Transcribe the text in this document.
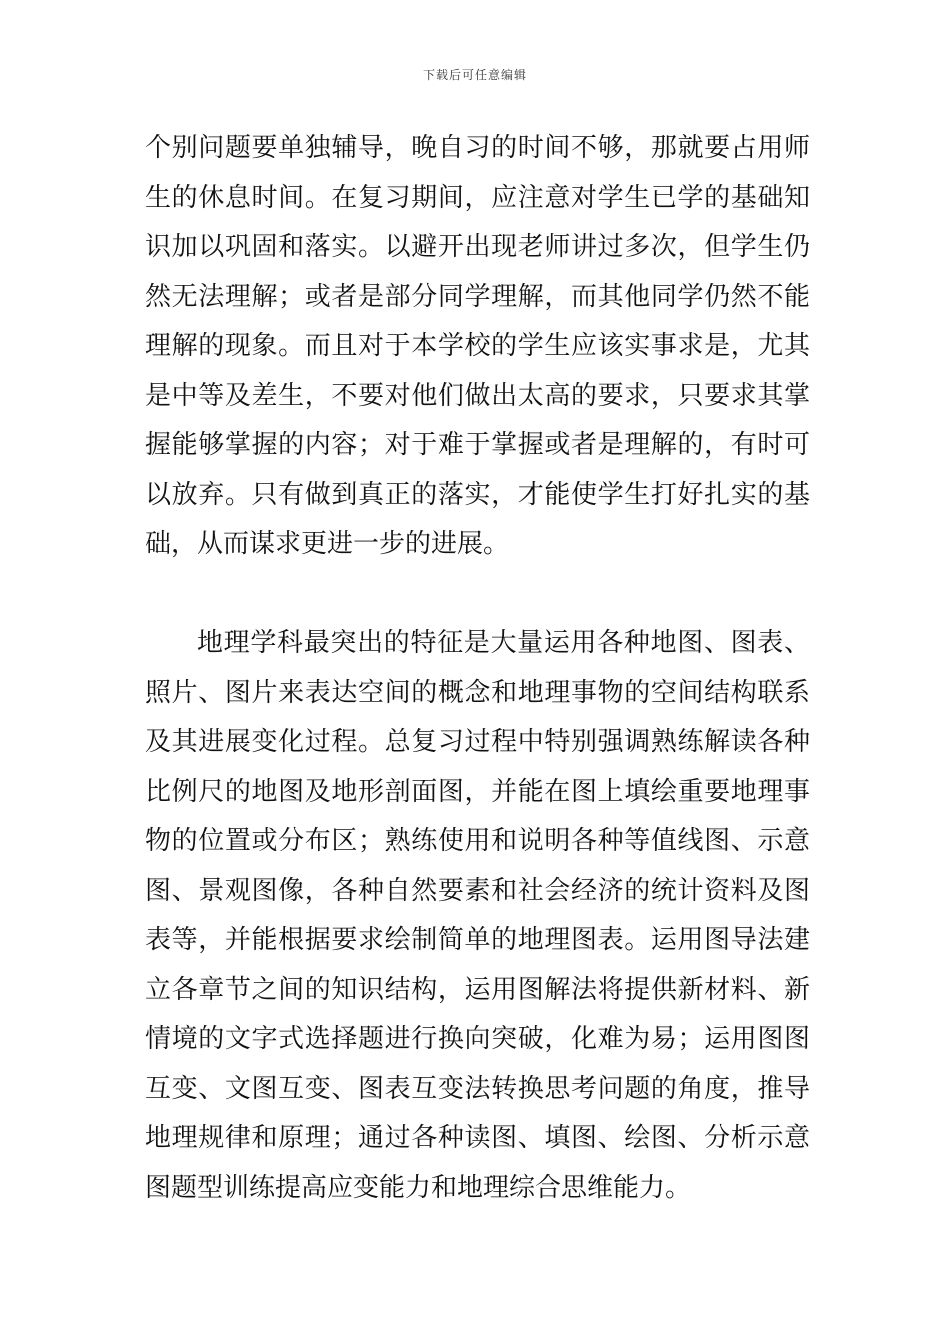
下载后可任意编辑

个别问题要单独辅导，晚自习的时间不够，那就要占用师生的休息时间。在复习期间，应注意对学生已学的基础知识加以巩固和落实。以避开出现老师讲过多次，但学生仍然无法理解；或者是部分同学理解，而其他同学仍然不能理解的现象。而且对于本学校的学生应该实事求是，尤其是中等及差生，不要对他们做出太高的要求，只要求其掌握能够掌握的内容；对于难于掌握或者是理解的，有时可以放弃。只有做到真正的落实，才能使学生打好扎实的基础，从而谋求更进一步的进展。

地理学科最突出的特征是大量运用各种地图、图表、照片、图片来表达空间的概念和地理事物的空间结构联系及其进展变化过程。总复习过程中特别强调熟练解读各种比例尺的地图及地形剖面图，并能在图上填绘重要地理事物的位置或分布区；熟练使用和说明各种等值线图、示意图、景观图像，各种自然要素和社会经济的统计资料及图表等，并能根据要求绘制简单的地理图表。运用图导法建立各章节之间的知识结构，运用图解法将提供新材料、新情境的文字式选择题进行换向突破，化难为易；运用图图互变、文图互变、图表互变法转换思考问题的角度，推导地理规律和原理；通过各种读图、填图、绘图、分析示意图题型训练提高应变能力和地理综合思维能力。
